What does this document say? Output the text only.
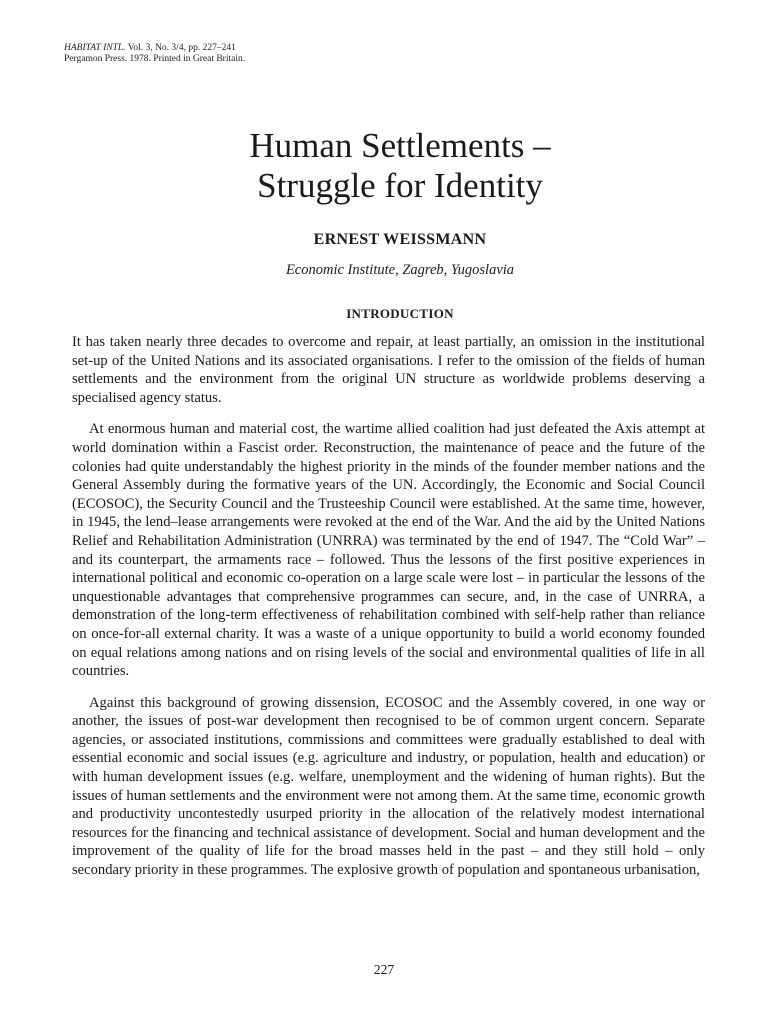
HABITAT INTL. Vol. 3, No. 3/4, pp. 227–241
Pergamon Press. 1978. Printed in Great Britain.
Human Settlements –
Struggle for Identity
ERNEST WEISSMANN
Economic Institute, Zagreb, Yugoslavia
INTRODUCTION

It has taken nearly three decades to overcome and repair, at least partially, an omission in the institutional set-up of the United Nations and its associated organisations. I refer to the omission of the fields of human settlements and the environment from the original UN structure as worldwide problems deserving a specialised agency status.

At enormous human and material cost, the wartime allied coalition had just defeated the Axis attempt at world domination within a Fascist order. Reconstruction, the maintenance of peace and the future of the colonies had quite understandably the highest priority in the minds of the founder member nations and the General Assembly during the formative years of the UN. Accordingly, the Economic and Social Council (ECOSOC), the Security Council and the Trusteeship Council were established. At the same time, however, in 1945, the lend–lease arrangements were revoked at the end of the War. And the aid by the United Nations Relief and Rehabilitation Administration (UNRRA) was terminated by the end of 1947. The “Cold War” – and its counterpart, the armaments race – followed. Thus the lessons of the first positive experiences in international political and economic co-operation on a large scale were lost – in particular the lessons of the unquestionable advantages that comprehensive programmes can secure, and, in the case of UNRRA, a demonstration of the long-term effectiveness of rehabilitation combined with self-help rather than reliance on once-for-all external charity. It was a waste of a unique opportunity to build a world economy founded on equal relations among nations and on rising levels of the social and environmental qualities of life in all countries.

Against this background of growing dissension, ECOSOC and the Assembly covered, in one way or another, the issues of post-war development then recognised to be of common urgent concern. Separate agencies, or associated institutions, commissions and committees were gradually established to deal with essential economic and social issues (e.g. agriculture and industry, or population, health and education) or with human development issues (e.g. welfare, unemployment and the widening of human rights). But the issues of human settlements and the environment were not among them. At the same time, economic growth and productivity uncontestedly usurped priority in the allocation of the relatively modest international resources for the financing and technical assistance of development. Social and human development and the improvement of the quality of life for the broad masses held in the past – and they still hold – only secondary priority in these programmes. The explosive growth of population and spontaneous urbanisation,

227
